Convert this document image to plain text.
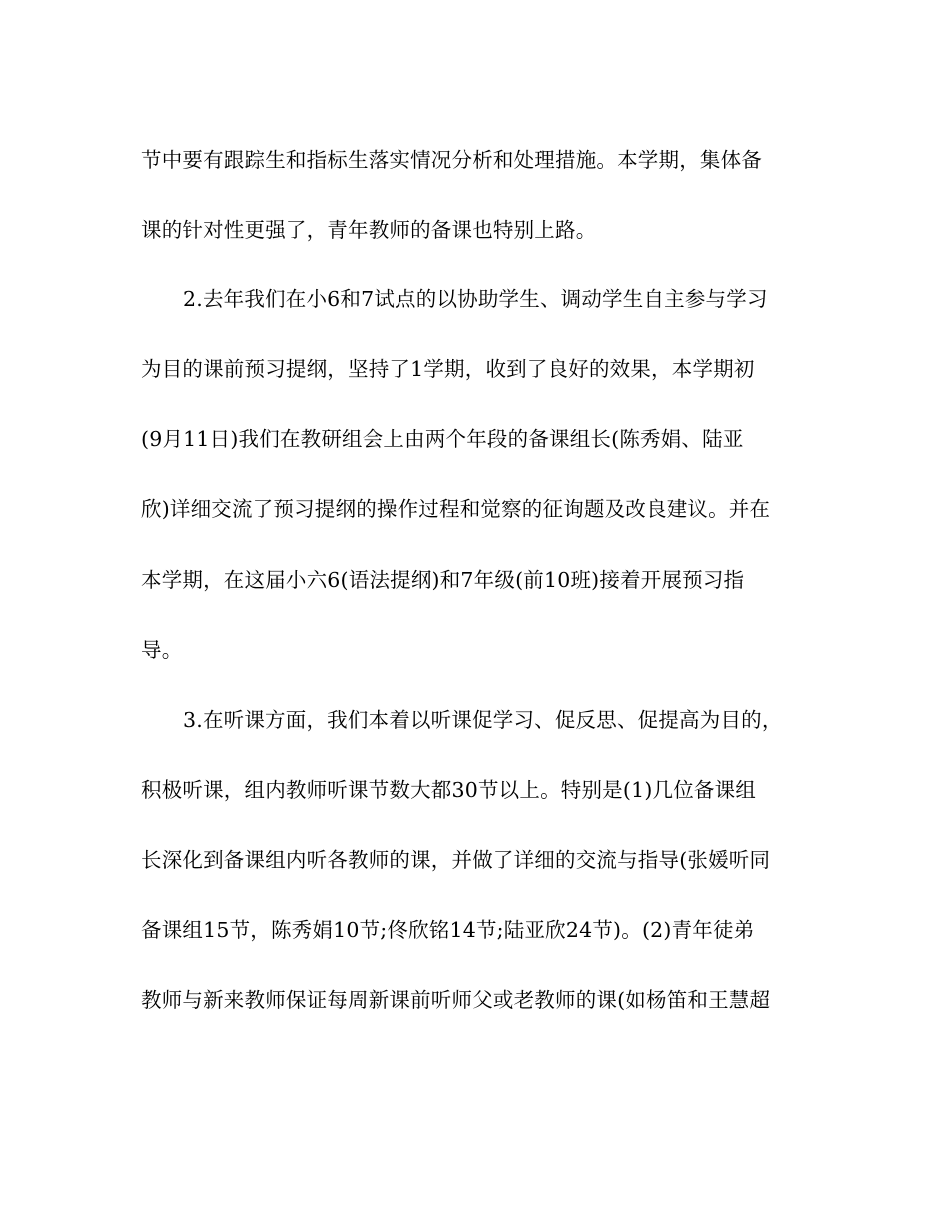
节中要有跟踪生和指标生落实情况分析和处理措施。本学期，集体备
课的针对性更强了，青年教师的备课也特别上路。
2.去年我们在小6和7试点的以协助学生、调动学生自主参与学习
为目的课前预习提纲，坚持了1学期，收到了良好的效果，本学期初
(9月11日)我们在教研组会上由两个年段的备课组长(陈秀娟、陆亚
欣)详细交流了预习提纲的操作过程和觉察的征询题及改良建议。并在
本学期，在这届小六6(语法提纲)和7年级(前10班)接着开展预习指
导。
3.在听课方面，我们本着以听课促学习、促反思、促提高为目的，
积极听课，组内教师听课节数大都30节以上。特别是(1)几位备课组
长深化到备课组内听各教师的课，并做了详细的交流与指导(张媛听同
备课组15节，陈秀娟10节;佟欣铭14节;陆亚欣24节)。(2)青年徒弟
教师与新来教师保证每周新课前听师父或老教师的课(如杨笛和王慧超
